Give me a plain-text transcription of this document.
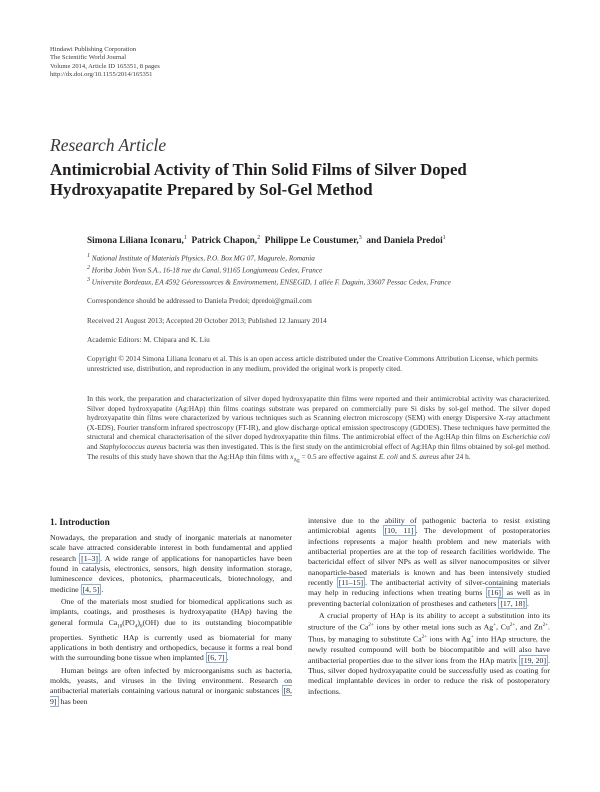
Hindawi Publishing Corporation
The Scientific World Journal
Volume 2014, Article ID 165351, 8 pages
http://dx.doi.org/10.1155/2014/165351
Research Article
Antimicrobial Activity of Thin Solid Films of Silver Doped Hydroxyapatite Prepared by Sol-Gel Method
Simona Liliana Iconaru,$^1$ Patrick Chapon,$^2$ Philippe Le Coustumer,$^3$ and Daniela Predoi$^1$
$^1$ National Institute of Materials Physics, P.O. Box MG 07, Magurele, Romania
$^2$ Horiba Jobin Yvon S.A., 16-18 rue du Canal, 91165 Longjumeau Cedex, France
$^3$ Universite Bordeaux, EA 4592 Géoressources & Environnement, ENSEGID, 1 allée F. Daguin, 33607 Pessac Cedex, France
Correspondence should be addressed to Daniela Predoi; dpredoi@gmail.com
Received 21 August 2013; Accepted 20 October 2013; Published 12 January 2014
Academic Editors: M. Chipara and K. Liu
Copyright © 2014 Simona Liliana Iconaru et al. This is an open access article distributed under the Creative Commons Attribution License, which permits unrestricted use, distribution, and reproduction in any medium, provided the original work is properly cited.
In this work, the preparation and characterization of silver doped hydroxyapatite thin films were reported and their antimicrobial activity was characterized. Silver doped hydroxyapatite (Ag:HAp) thin films coatings substrate was prepared on commercially pure Si disks by sol-gel method. The silver doped hydroxyapatite thin films were characterized by various techniques such as Scanning electron microscopy (SEM) with energy Dispersive X-ray attachment (X-EDS), Fourier transform infrared spectroscopy (FT-IR), and glow discharge optical emission spectroscopy (GDOES). These techniques have permitted the structural and chemical characterisation of the silver doped hydroxyapatite thin films. The antimicrobial effect of the Ag:HAp thin films on Escherichia coli and Staphylococcus aureus bacteria was then investigated. This is the first study on the antimicrobial effect of Ag:HAp thin films obtained by sol-gel method. The results of this study have shown that the Ag:HAp thin films with $x_{Ag} = 0.5$ are effective against E. coli and S. aureus after 24 h.
1. Introduction

Nowadays, the preparation and study of inorganic materials at nanometer scale have attracted considerable interest in both fundamental and applied research [1–3] . A wide range of applications for nanoparticles have been found in catalysis, electronics, sensors, high density information storage, luminescence devices, photonics, pharmaceuticals, biotechnology, and medicine [4, 5] .

One of the materials most studied for biomedical applications such as implants, coatings, and prostheses is hydroxyapatite (HAp) having the general formula $Ca_{10}(PO_4)_6(OH)$ due to its outstanding biocompatible properties. Synthetic HAp is currently used as biomaterial for many applications in both dentistry and orthopedics, because it forms a real bond with the surrounding bone tissue when implanted [6, 7] .

Human beings are often infected by microorganisms such as bacteria, molds, yeasts, and viruses in the living environment. Research on antibacterial materials containing various natural or inorganic substances [8, 9] has been

intensive due to the ability of pathogenic bacteria to resist existing antimicrobial agents [10, 11] . The development of postoperatories infections represents a major health problem and new materials with antibacterial properties are at the top of research facilities worldwide. The bactericidal effect of silver NPs as well as silver nanocomposites or silver nanoparticle-based materials is known and has been intensively studied recently [11–15] . The antibacterial activity of silver-containing materials may help in reducing infections when treating burns [16] as well as in preventing bacterial colonization of prostheses and catheters [17, 18] .

A crucial property of HAp is its ability to accept a substitution into its structure of the $Ca^{2+}$ ions by other metal ions such as Ag+, $Cu^{2+}$, and $Zn^{2+}$. Thus, by managing to substitute $Ca^{2+}$ ions with Ag+ into HAp structure, the newly resulted compound will both be biocompatible and will also have antibacterial properties due to the silver ions from the HAp matrix [19, 20] . Thus, silver doped hydroxyapatite could be successfully used as coating for medical implantable devices in order to reduce the risk of postoperatory infections.
